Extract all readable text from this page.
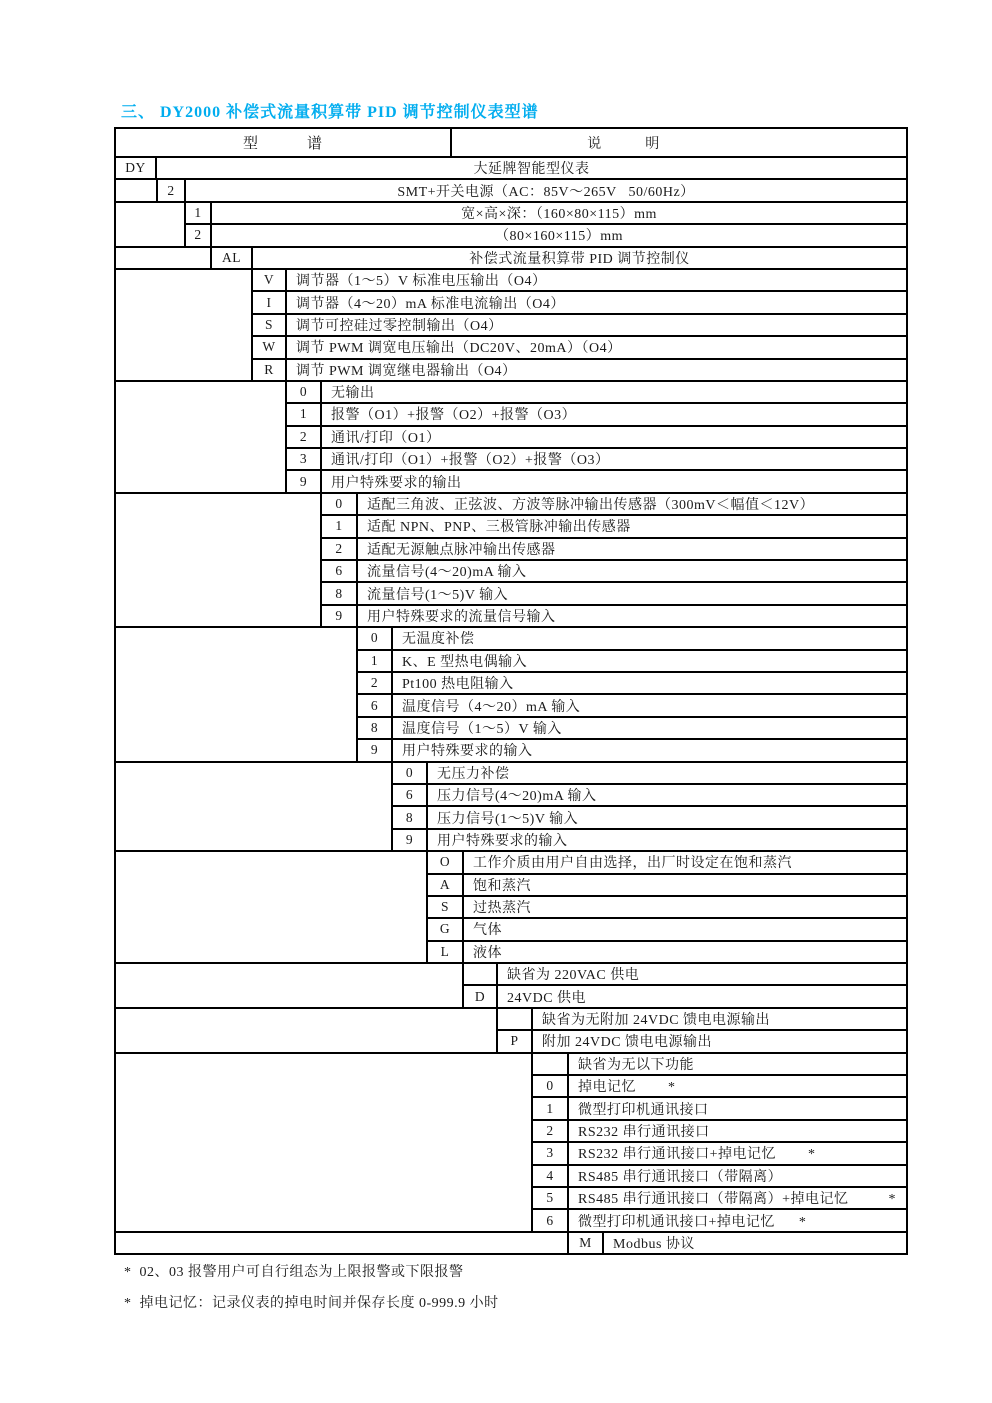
三、 DY2000 补偿式流量积算带 PID 调节控制仪表型谱
型　　　谱	说　　　明
DY	大延牌智能型仪表
2	SMT+开关电源（AC：85V～265V   50/60Hz）
1	宽×高×深：（160×80×115）mm
2	（80×160×115）mm
AL	补偿式流量积算带 PID 调节控制仪
V	调节器（1～5）V 标准电压输出（O4）
I	调节器（4～20）mA 标准电流输出（O4）
S	调节可控硅过零控制输出（O4）
W	调节 PWM 调宽电压输出（DC20V、20mA）（O4）
R	调节 PWM 调宽继电器输出（O4）
0	无输出
1	报警（O1）+报警（O2）+报警（O3）
2	通讯/打印（O1）
3	通讯/打印（O1）+报警（O2）+报警（O3）
9	用户特殊要求的输出
0	适配三角波、正弦波、方波等脉冲输出传感器（300mV＜幅值＜12V）
1	适配 NPN、PNP、三极管脉冲输出传感器
2	适配无源触点脉冲输出传感器
6	流量信号(4～20)mA 输入
8	流量信号(1～5)V 输入
9	用户特殊要求的流量信号输入
0	无温度补偿
1	K、E 型热电偶输入
2	Pt100 热电阻输入
6	温度信号（4～20）mA 输入
8	温度信号（1～5）V 输入
9	用户特殊要求的输入
0	无压力补偿
6	压力信号(4～20)mA 输入
8	压力信号(1～5)V 输入
9	用户特殊要求的输入
O	工作介质由用户自由选择，出厂时设定在饱和蒸汽
A	饱和蒸汽
S	过热蒸汽
G	气体
L	液体
缺省为 220VAC 供电
D	24VDC 供电
缺省为无附加 24VDC 馈电电源输出
P	附加 24VDC 馈电电源输出
缺省为无以下功能
0	掉电记忆        *
1	微型打印机通讯接口
2	RS232 串行通讯接口
3	RS232 串行通讯接口+掉电记忆        *
4	RS485 串行通讯接口（带隔离）
5	RS485 串行通讯接口（带隔离）+掉电记忆          *
6	微型打印机通讯接口+掉电记忆      *
M	Modbus 协议
*  02、03 报警用户可自行组态为上限报警或下限报警
*  掉电记忆：记录仪表的掉电时间并保存长度 0-999.9 小时
